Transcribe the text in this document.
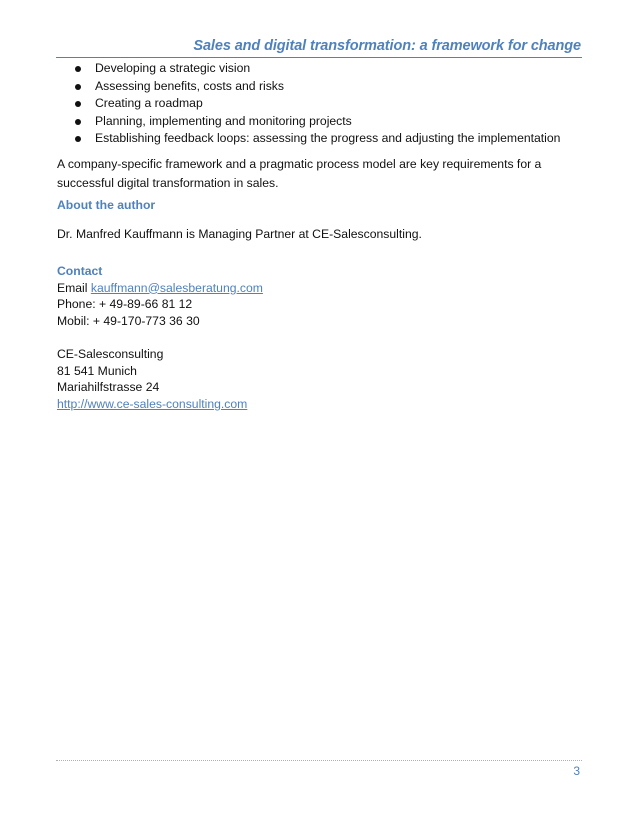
Sales and digital transformation: a framework for change
Developing a strategic vision
Assessing benefits, costs and risks
Creating a roadmap
Planning, implementing and monitoring projects
Establishing feedback loops: assessing the progress and adjusting the implementation

A company-specific framework and a pragmatic process model are key requirements for a successful digital transformation in sales.

About the author

Dr. Manfred Kauffmann is Managing Partner at CE-Salesconsulting.

Contact
Email kauffmann@salesberatung.com
Phone: + 49-89-66 81 12
Mobil: + 49-170-773 36 30
CE-Salesconsulting
81 541 Munich
Mariahilfstrasse 24
http://www.ce-sales-consulting.com
3
